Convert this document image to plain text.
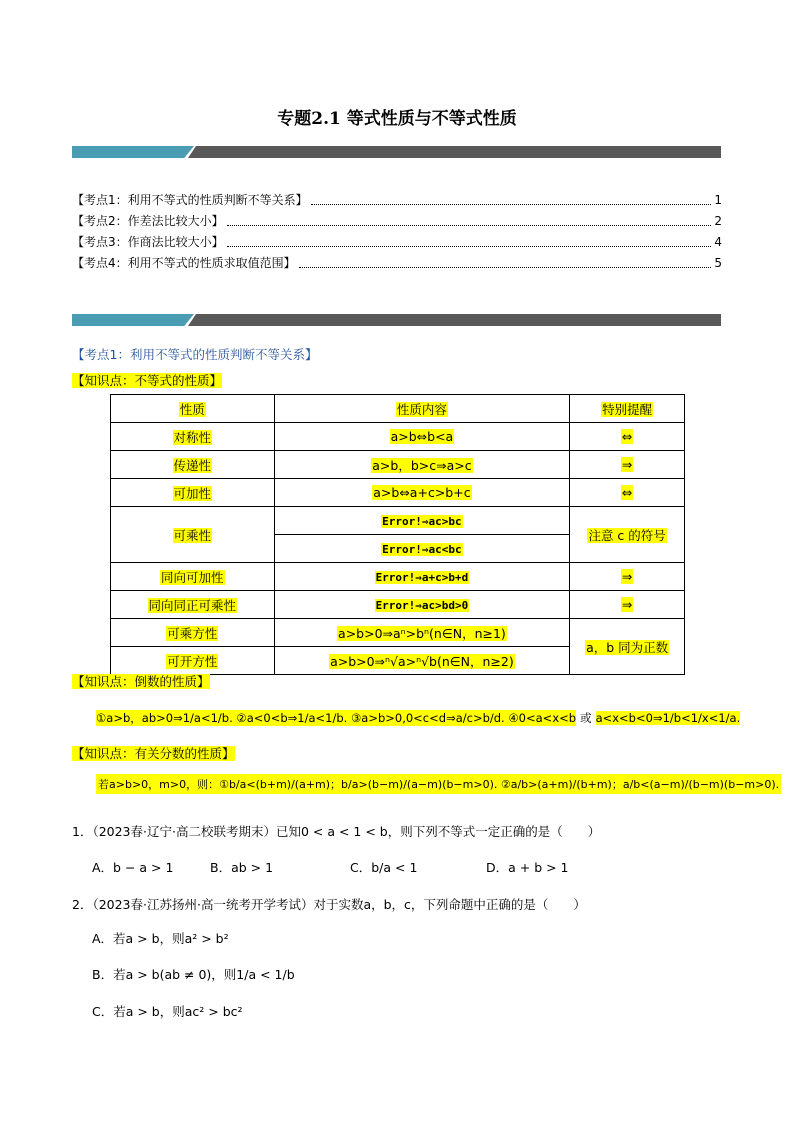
专题2.1 等式性质与不等式性质
【考点1：利用不等式的性质判断不等关系】	1
【考点2：作差法比较大小】	2
【考点3：作商法比较大小】	4
【考点4：利用不等式的性质求取值范围】	5
【考点1：利用不等式的性质判断不等关系】
【知识点：不等式的性质】
性质	性质内容	特别提醒
对称性	a>b⇔b<a	⇔
传递性	a>b，b>c⇒a>c	⇒
可加性	a>b⇔a+c>b+c	⇔
可乘性	Error!⇒ac>bc	注意 c 的符号
	Error!⇒ac<bc	
同向可加性	Error!⇒a+c>b+d	⇒
同向同正可乘性	Error!⇒ac>bd>0	⇒
可乘方性	a>b>0⇒aⁿ>bⁿ(n∈N，n≥1)	a，b 同为正数
可开方性	a>b>0⇒ⁿ√a>ⁿ√b(n∈N，n≥2)	
【知识点：倒数的性质】
①a>b，ab>0⇒1/a<1/b. ②a<0<b⇒1/a<1/b. ③a>b>0,0<c<d⇒a/c>b/d. ④0<a<x<b 或 a<x<b<0⇒1/b<1/x<1/a.
【知识点：有关分数的性质】
若a>b>0，m>0，则：①b/a<(b+m)/(a+m)；b/a>(b−m)/(a−m)(b−m>0). ②a/b>(a+m)/(b+m)；a/b<(a−m)/(b−m)(b−m>0).
1．（2023春·辽宁·高二校联考期末）已知0 < a < 1 < b，则下列不等式一定正确的是（　　）
A．b − a > 1	B．ab > 1	C．b/a < 1	D．a + b > 1
2．（2023春·江苏扬州·高一统考开学考试）对于实数a，b，c，下列命题中正确的是（　　）
A．若a > b，则a² > b²
B．若a > b(ab ≠ 0)，则1/a < 1/b
C．若a > b，则ac² > bc²
